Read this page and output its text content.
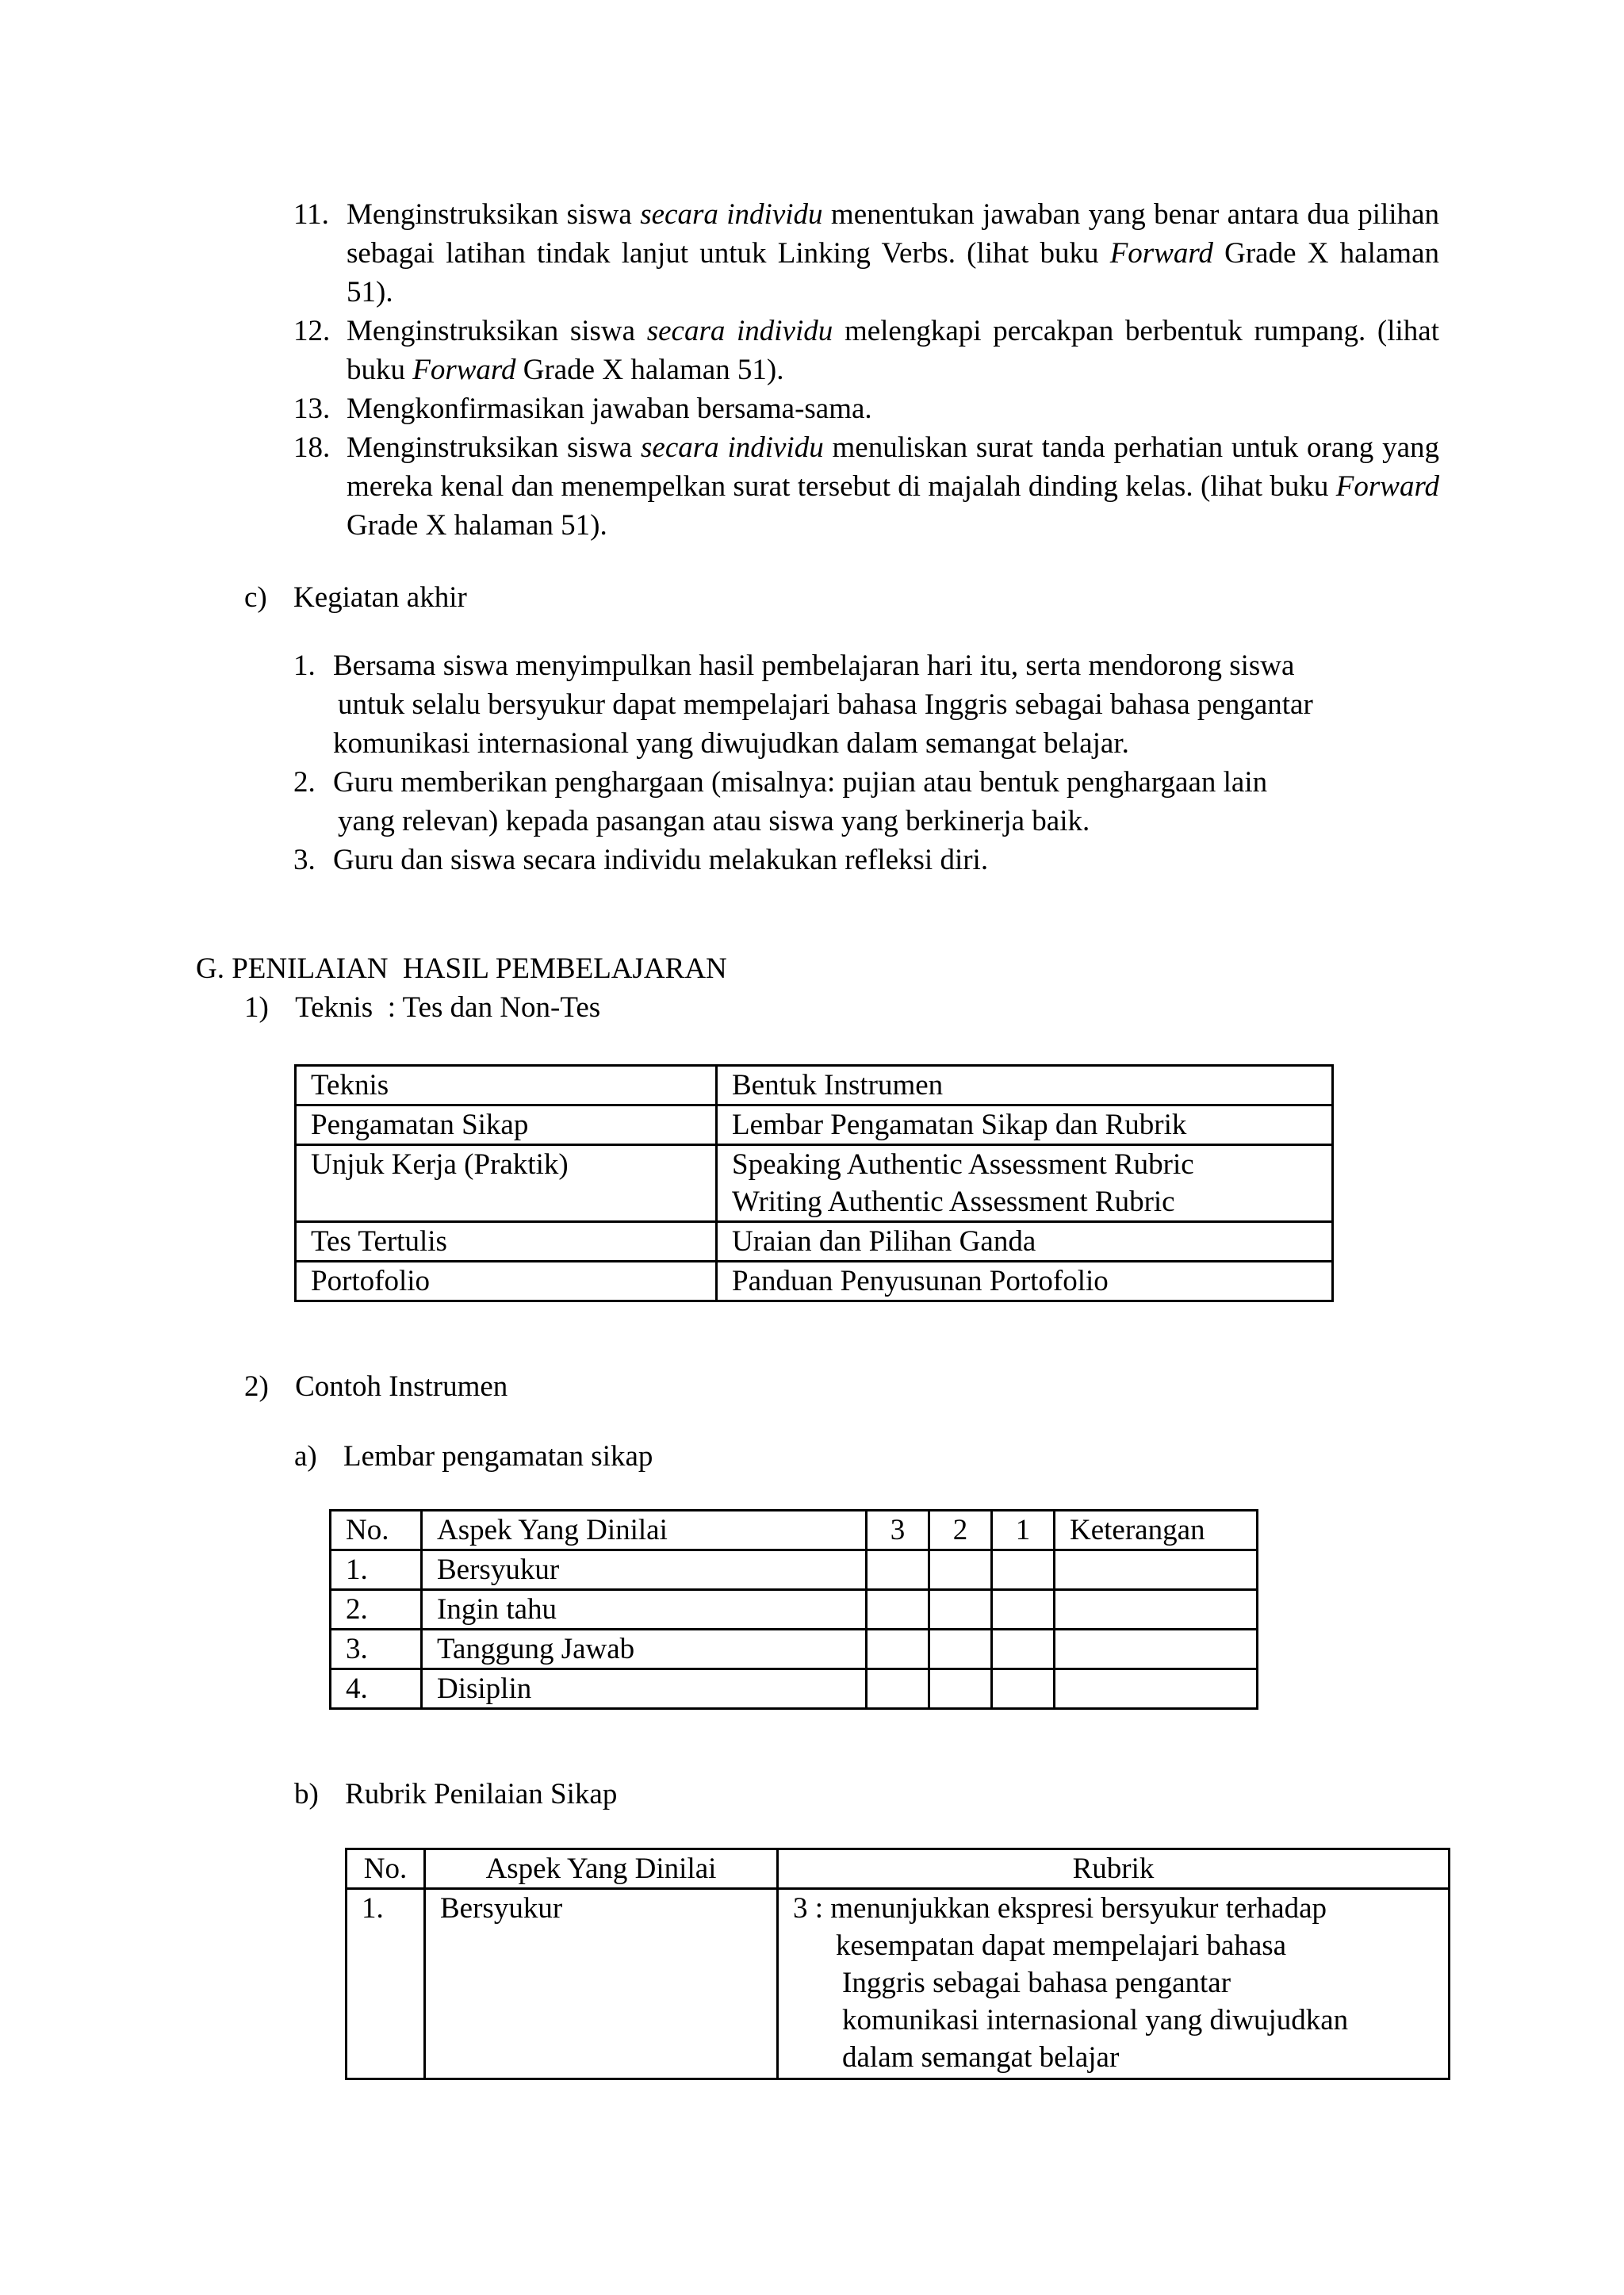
11. Menginstruksikan siswa secara individu menentukan jawaban yang benar antara dua pilihan sebagai latihan tindak lanjut untuk Linking Verbs. (lihat buku Forward Grade X halaman 51).
12. Menginstruksikan siswa secara individu melengkapi percakpan berbentuk rumpang. (lihat buku Forward Grade X halaman 51).
13. Mengkonfirmasikan jawaban bersama-sama.
18. Menginstruksikan siswa secara individu menuliskan surat tanda perhatian untuk orang yang mereka kenal dan menempelkan surat tersebut di majalah dinding kelas. (lihat buku Forward Grade X halaman 51).
c) Kegiatan akhir
1. Bersama siswa menyimpulkan hasil pembelajaran hari itu, serta mendorong siswa
untuk selalu bersyukur dapat mempelajari bahasa Inggris sebagai bahasa pengantar
komunikasi internasional yang diwujudkan dalam semangat belajar.
2. Guru memberikan penghargaan (misalnya: pujian atau bentuk penghargaan lain
yang relevan) kepada pasangan atau siswa yang berkinerja baik.
3. Guru dan siswa secara individu melakukan refleksi diri.
G. PENILAIAN  HASIL PEMBELAJARAN
1) Teknis  : Tes dan Non-Tes
Teknis	Bentuk Instrumen
Pengamatan Sikap	Lembar Pengamatan Sikap dan Rubrik
Unjuk Kerja (Praktik)	Speaking Authentic Assessment Rubric
Writing Authentic Assessment Rubric

Tes Tertulis	Uraian dan Pilihan Ganda
Portofolio	Panduan Penyusunan Portofolio
2) Contoh Instrumen
a) Lembar pengamatan sikap
No.	Aspek Yang Dinilai	3	2	1	Keterangan
1.	Bersyukur				
2.	Ingin tahu				
3.	Tanggung Jawab				
4.	Disiplin				
b) Rubrik Penilaian Sikap
No.	Aspek Yang Dinilai	Rubrik
1.	Bersyukur	3 : menunjukkan ekspresi bersyukur terhadap
kesempatan dapat mempelajari bahasa
Inggris sebagai bahasa pengantar
komunikasi internasional yang diwujudkan
dalam semangat belajar
